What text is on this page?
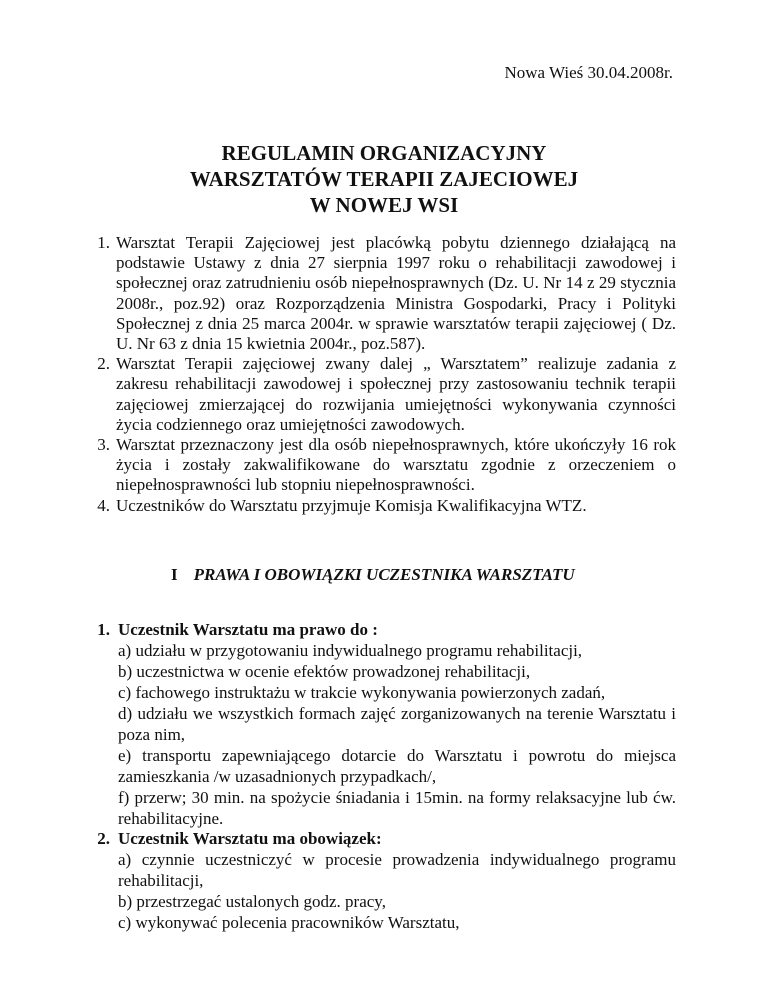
Nowa Wieś 30.04.2008r.
REGULAMIN ORGANIZACYJNY
WARSZTATÓW TERAPII ZAJECIOWEJ
W NOWEJ WSI
1. Warsztat Terapii Zajęciowej jest placówką pobytu dziennego działającą na podstawie Ustawy z dnia 27 sierpnia 1997 roku o rehabilitacji zawodowej i społecznej oraz zatrudnieniu osób niepełnosprawnych (Dz. U. Nr 14 z 29 stycznia 2008r., poz.92) oraz Rozporządzenia Ministra Gospodarki, Pracy i Polityki Społecznej z dnia 25 marca 2004r. w sprawie warsztatów terapii zajęciowej ( Dz. U. Nr 63 z dnia 15 kwietnia 2004r., poz.587).
2. Warsztat Terapii zajęciowej zwany dalej „ Warsztatem” realizuje zadania z zakresu rehabilitacji zawodowej i społecznej przy zastosowaniu technik terapii zajęciowej zmierzającej do rozwijania umiejętności wykonywania czynności życia codziennego oraz umiejętności zawodowych.
3. Warsztat przeznaczony jest dla osób niepełnosprawnych, które ukończyły 16 rok życia i zostały zakwalifikowane do warsztatu zgodnie z orzeczeniem o niepełnosprawności lub stopniu niepełnosprawności.
4. Uczestników do Warsztatu przyjmuje Komisja Kwalifikacyjna WTZ.
I PRAWA I OBOWIĄZKI UCZESTNIKA WARSZTATU
1. Uczestnik Warsztatu ma prawo do :
a) udziału w przygotowaniu indywidualnego programu rehabilitacji,
b) uczestnictwa w ocenie efektów prowadzonej rehabilitacji,
c) fachowego instruktażu w trakcie wykonywania powierzonych zadań,
d) udziału we wszystkich formach zajęć zorganizowanych na terenie Warsztatu i poza nim,
e) transportu zapewniającego dotarcie do Warsztatu i powrotu do miejsca zamieszkania /w uzasadnionych przypadkach/,
f) przerw; 30 min. na spożycie śniadania i 15min. na formy relaksacyjne lub ćw. rehabilitacyjne.
2. Uczestnik Warsztatu ma obowiązek:
a) czynnie uczestniczyć w procesie prowadzenia indywidualnego programu rehabilitacji,
b) przestrzegać ustalonych godz. pracy,
c) wykonywać polecenia pracowników Warsztatu,
